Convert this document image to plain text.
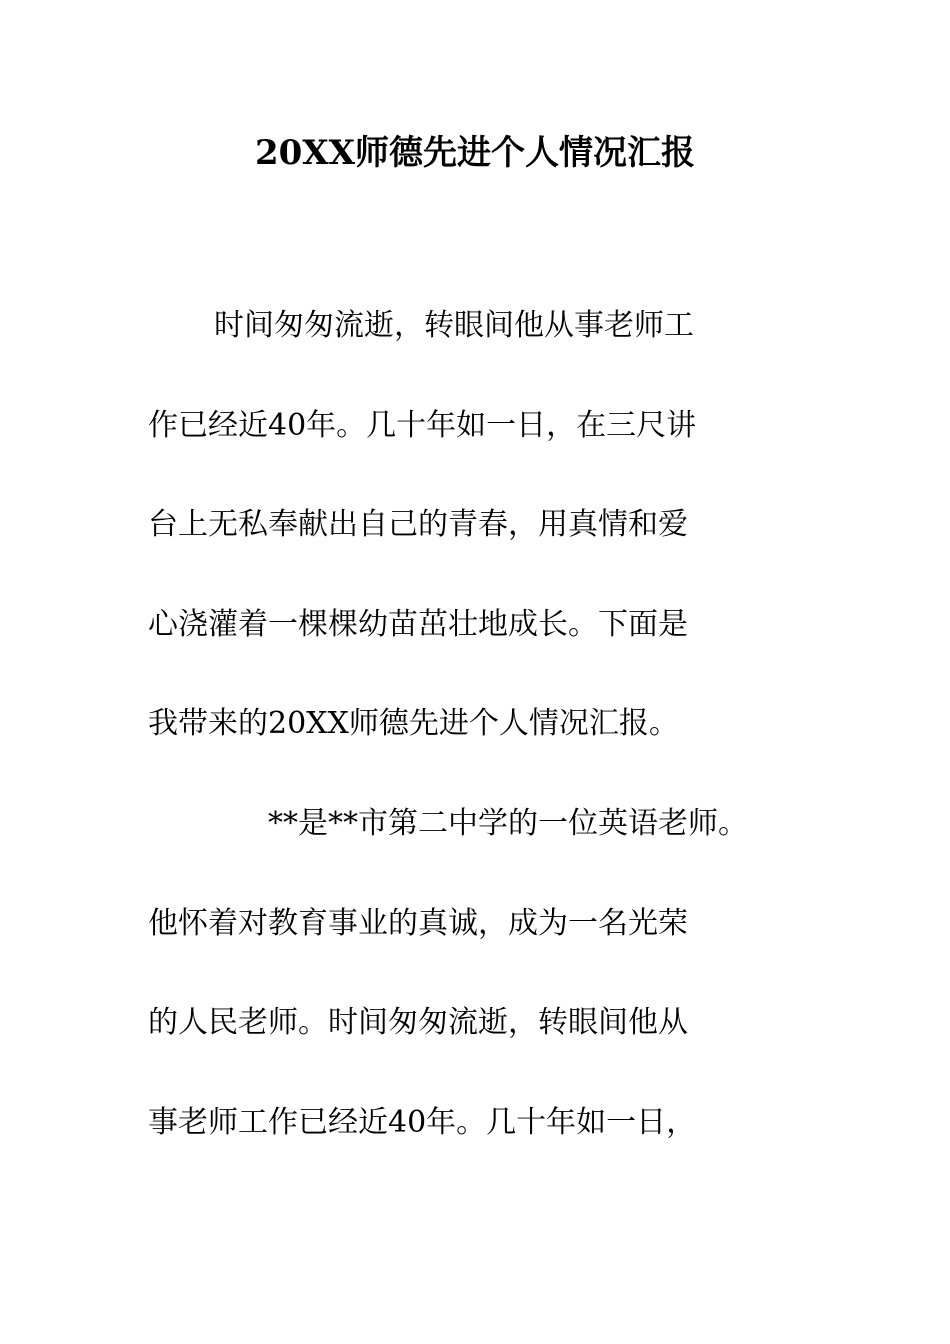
20XX师德先进个人情况汇报
时间匆匆流逝，转眼间他从事老师工
作已经近40年。几十年如一日，在三尺讲
台上无私奉献出自己的青春，用真情和爱
心浇灌着一棵棵幼苗茁壮地成长。下面是
我带来的20XX师德先进个人情况汇报。
**是**市第二中学的一位英语老师。
他怀着对教育事业的真诚，成为一名光荣
的人民老师。时间匆匆流逝，转眼间他从
事老师工作已经近40年。几十年如一日，
